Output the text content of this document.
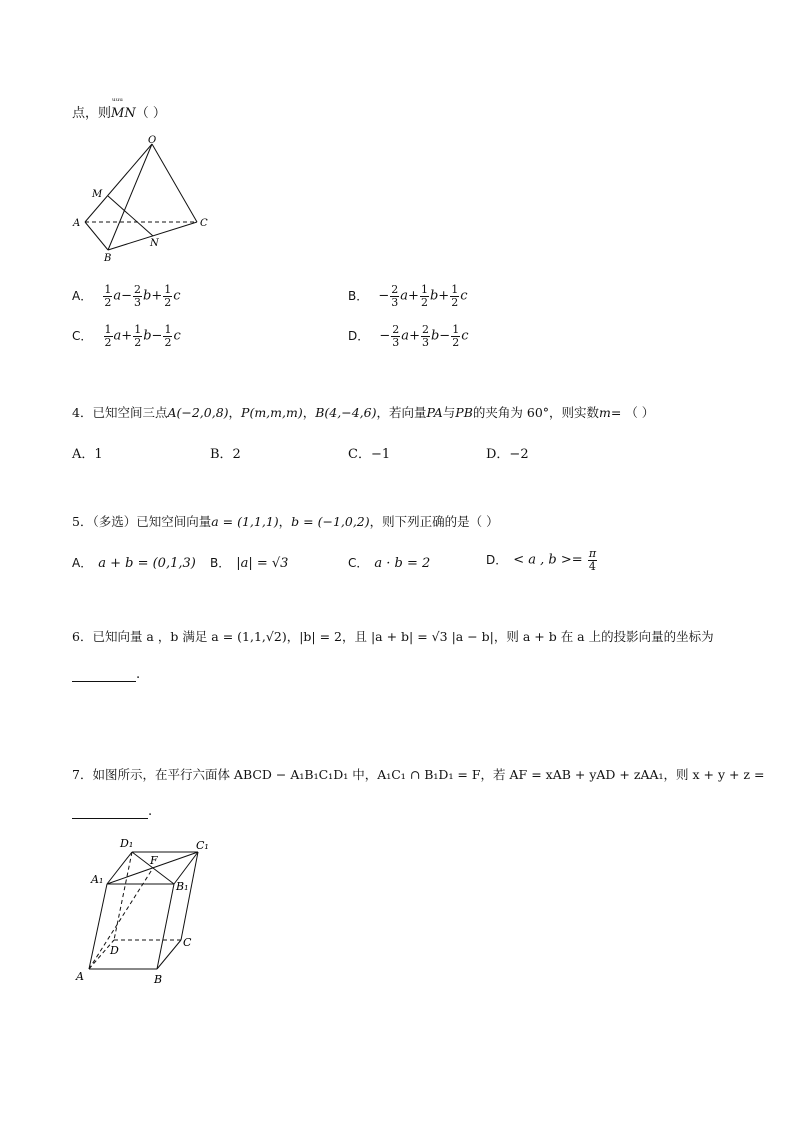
点，则
ᵘᵘᵘ
MN（ ）
O
M
A
B
N
C
A． $\frac{1}{2} a- \frac{2}{3} b+ \frac{1}{2}$ c	B． − $\frac{2}{3} a+ \frac{1}{2} b+ \frac{1}{2}$ c
C． $\frac{1}{2} a+ \frac{1}{2} b- \frac{1}{2}$ c	D． − $\frac{2}{3} a+ \frac{2}{3} b- \frac{1}{2}$ c
4．已知空间三点A(−2,0,8)，P(m,m,m)，B(4,−4,6)，若向量PA与PB的夹角为 60°，则实数m= （ ）
A．1	B．2	C．−1	D．−2
5．（多选）已知空间向量a = (1,1,1)，b = (−1,0,2)，则下列正确的是（ ）
A． a + b = (0,1,3) B． |a| = √3	C． a · b = 2	D． < a , $b >= \frac{\pi}{4}$
6．已知向量 a ，b 满足 a = (1,1,√2)，|b| = 2，且 |a + b| = √3 |a − b|，则 a + b 在 a 上的投影向量的坐标为
.
7．如图所示，在平行六面体 ABCD − A₁B₁C₁D₁ 中，A₁C₁ ∩ B₁D₁ = F，若 AF = xAB + yAD + zAA₁，则 x + y + z =
.
D₁	C₁
A₁
B₁
F
D
C
A	B
